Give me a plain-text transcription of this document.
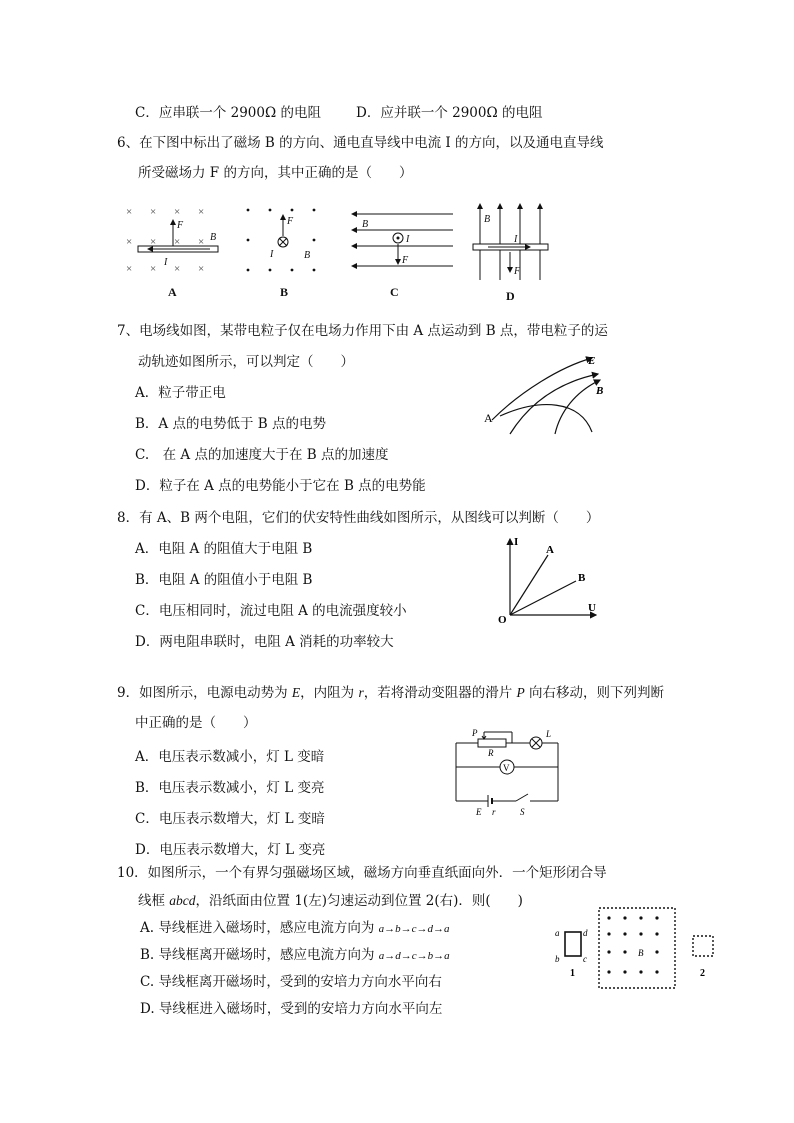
C．应串联一个 2900Ω 的电阻	D．应并联一个 2900Ω 的电阻
6、在下图中标出了磁场 B 的方向、通电直导线中电流 I 的方向，以及通电直导线
所受磁场力 F 的方向，其中正确的是（　　）
× × × ×
× × × ×
× × × ×
F
B
I
A
F
I	B
B
B
I
F
C
B
I
F
D
7、电场线如图，某带电粒子仅在电场力作用下由 A 点运动到 B 点，带电粒子的运
动轨迹如图所示，可以判定（　　）
A．粒子带正电
B．A 点的电势低于 B 点的电势
C.　在 A 点的加速度大于在 B 点的加速度
D．粒子在 A 点的电势能小于它在 B 点的电势能
E
B
A
8．有 A、B 两个电阻，它们的伏安特性曲线如图所示，从图线可以判断（　　）
A．电阻 A 的阻值大于电阻 B
B．电阻 A 的阻值小于电阻 B
C．电压相同时，流过电阻 A 的电流强度较小
D．两电阻串联时，电阻 A 消耗的功率较大
I
U
O
A
B
9．如图所示，电源电动势为 E，内阻为 r，若将滑动变阻器的滑片 P 向右移动，则下列判断
中正确的是（　　）
A．电压表示数减小，灯 L 变暗
B．电压表示数减小，灯 L 变亮
C．电压表示数增大，灯 L 变暗
D．电压表示数增大，灯 L 变亮
V
P
R
L
E r	S
10．如图所示，一个有界匀强磁场区域，磁场方向垂直纸面向外．一个矩形闭合导
线框 abcd，沿纸面由位置 1(左)匀速运动到位置 2(右)．则(　　)
A. 导线框进入磁场时，感应电流方向为 a→b→c→d→a
B. 导线框离开磁场时，感应电流方向为 a→d→c→b→a
C. 导线框离开磁场时，受到的安培力方向水平向右
D. 导线框进入磁场时，受到的安培力方向水平向左
a
b	c
d
1
B
2
